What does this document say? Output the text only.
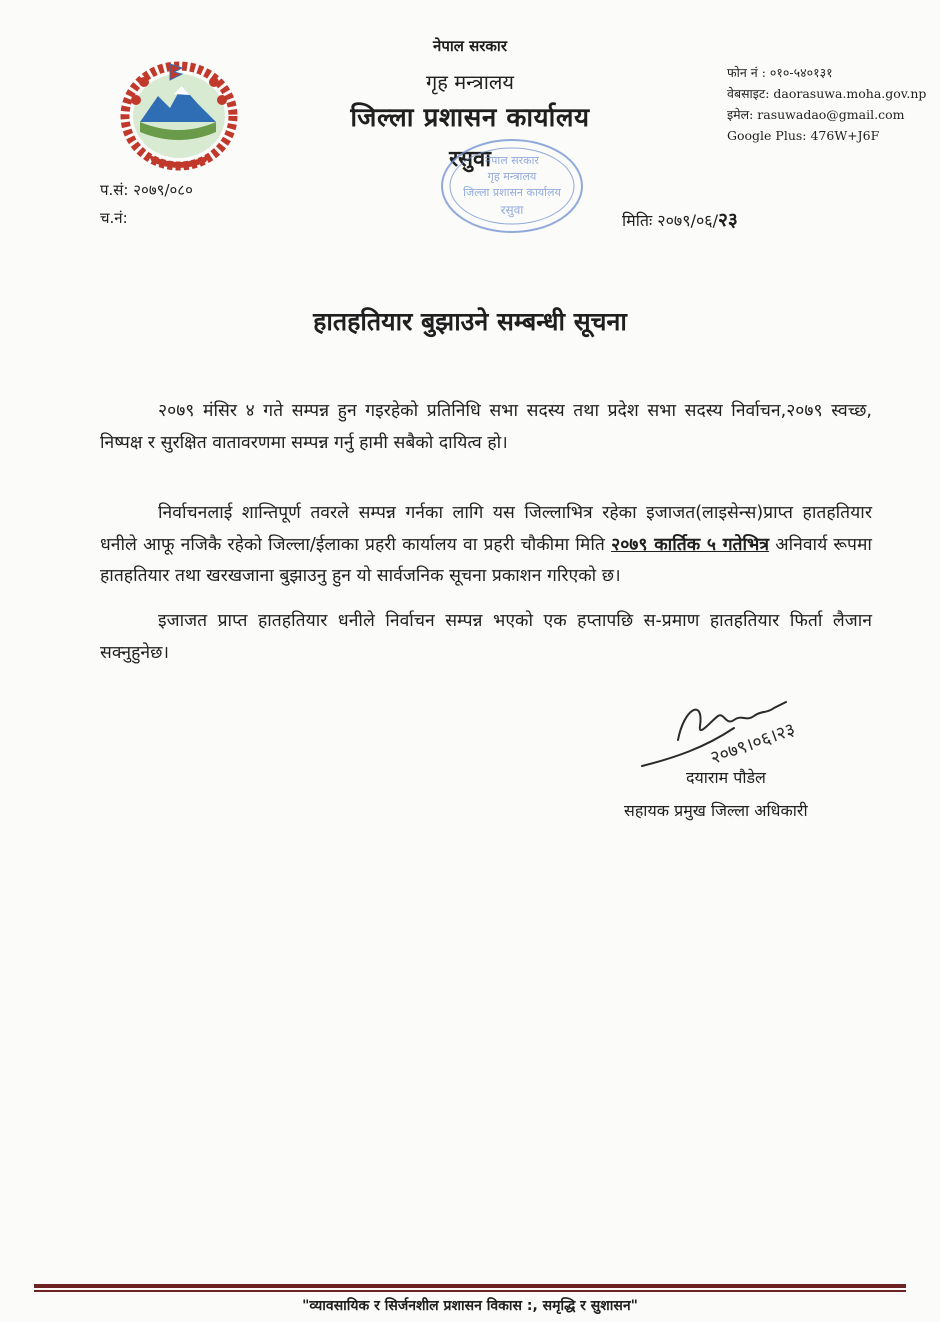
नेपाल सरकार
गृह मन्त्रालय
जिल्ला प्रशासन कार्यालय
रसुवा
फोन नं : ०१०-५४०१३१
वेबसाइट: daorasuwa.moha.gov.np
इमेल: rasuwadao@gmail.com
Google Plus: 476W+J6F
नेपाल सरकार
गृह मन्त्रालय
जिल्ला प्रशासन कार्यालय
रसुवा
प.सं: २०७९/०८०
च.नं:	मितिः २०७९/०६/२३
हातहतियार बुझाउने सम्बन्धी सूचना
२०७९ मंसिर ४ गते सम्पन्न हुन गइरहेको प्रतिनिधि सभा सदस्य तथा प्रदेश सभा सदस्य निर्वाचन,२०७९ स्वच्छ, निष्पक्ष र सुरक्षित वातावरणमा सम्पन्न गर्नु हामी सबैको दायित्व हो।
निर्वाचनलाई शान्तिपूर्ण तवरले सम्पन्न गर्नका लागि यस जिल्लाभित्र रहेका इजाजत(लाइसेन्स)प्राप्त हातहतियार धनीले आफू नजिकै रहेको जिल्ला/ईलाका प्रहरी कार्यालय वा प्रहरी चौकीमा मिति २०७९ कार्तिक ५ गतेभित्र अनिवार्य रूपमा हातहतियार तथा खरखजाना बुझाउनु हुन यो सार्वजनिक सूचना प्रकाशन गरिएको छ।
इजाजत प्राप्त हातहतियार धनीले निर्वाचन सम्पन्न भएको एक हप्तापछि स-प्रमाण हातहतियार फिर्ता लैजान सक्नुहुनेछ।
२०७९।०६।२३
दयाराम पौडेल
सहायक प्रमुख जिल्ला अधिकारी
"व्यावसायिक र सिर्जनशील प्रशासन विकास :, समृद्धि र सुशासन"
